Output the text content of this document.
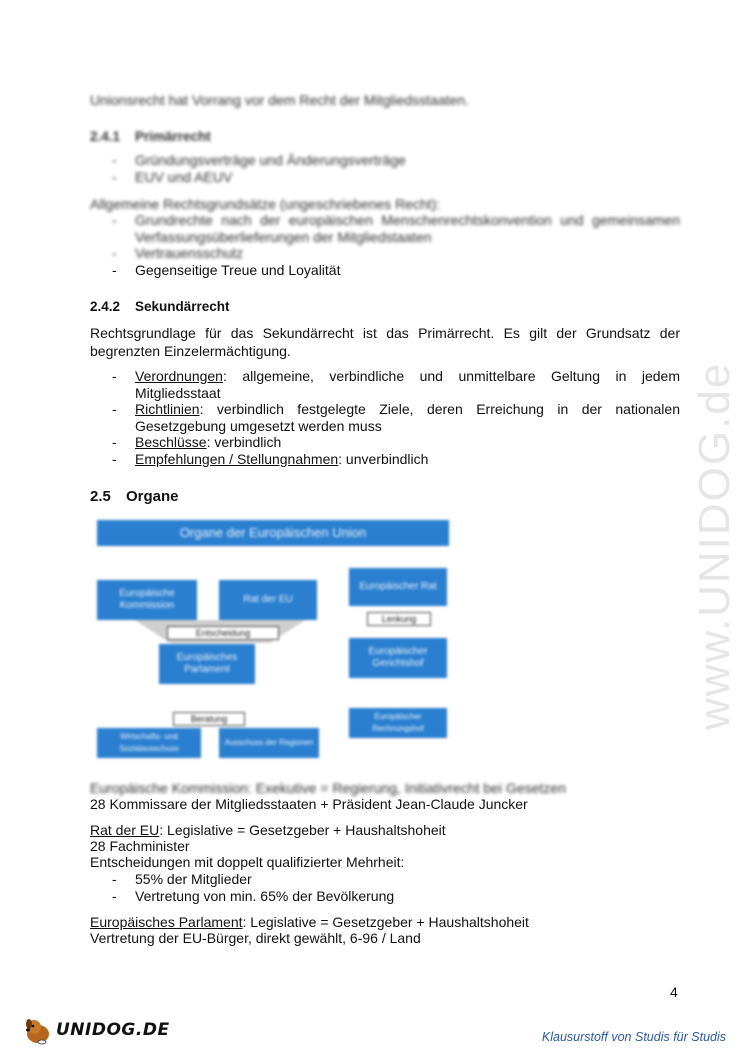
www.UNIDOG.de
Unionsrecht hat Vorrang vor dem Recht der Mitgliedsstaaten.
2.4.1 Primärrecht
- Gründungsverträge und Änderungsverträge
- EUV und AEUV
Allgemeine Rechtsgrundsätze (ungeschriebenes Recht):
- Grundrechte nach der europäischen Menschenrechtskonvention und gemeinsamen Verfassungsüberlieferungen der Mitgliedstaaten
- Vertrauensschutz
- Gegenseitige Treue und Loyalität
2.4.2 Sekundärrecht
Rechtsgrundlage für das Sekundärrecht ist das Primärrecht. Es gilt der Grundsatz der begrenzten Einzelermächtigung.
- Verordnungen: allgemeine, verbindliche und unmittelbare Geltung in jedem Mitgliedsstaat
- Richtlinien: verbindlich festgelegte Ziele, deren Erreichung in der nationalen Gesetzgebung umgesetzt werden muss
- Beschlüsse: verbindlich
- Empfehlungen / Stellungnahmen: unverbindlich
2.5 Organe
Organe der Europäischen Union
Europäische Kommission
Rat der EU
Entscheidung
Europäisches Parlament
Beratung
Wirtschafts- und Sozialausschuss
Ausschuss der Regionen
Europäischer Rat
Lenkung
Europäischer Gerichtshof
Europäischer Rechnungshof
Europäische Kommission: Exekutive = Regierung, Initiativrecht bei Gesetzen
28 Kommissare der Mitgliedsstaaten + Präsident Jean-Claude Juncker
Rat der EU: Legislative = Gesetzgeber + Haushaltshoheit
28 Fachminister
Entscheidungen mit doppelt qualifizierter Mehrheit:
- 55% der Mitglieder
- Vertretung von min. 65% der Bevölkerung
Europäisches Parlament: Legislative = Gesetzgeber + Haushaltshoheit
Vertretung der EU-Bürger, direkt gewählt, 6-96 / Land
4
UNIDOG.DE	Klausurstoff von Studis für Studis
